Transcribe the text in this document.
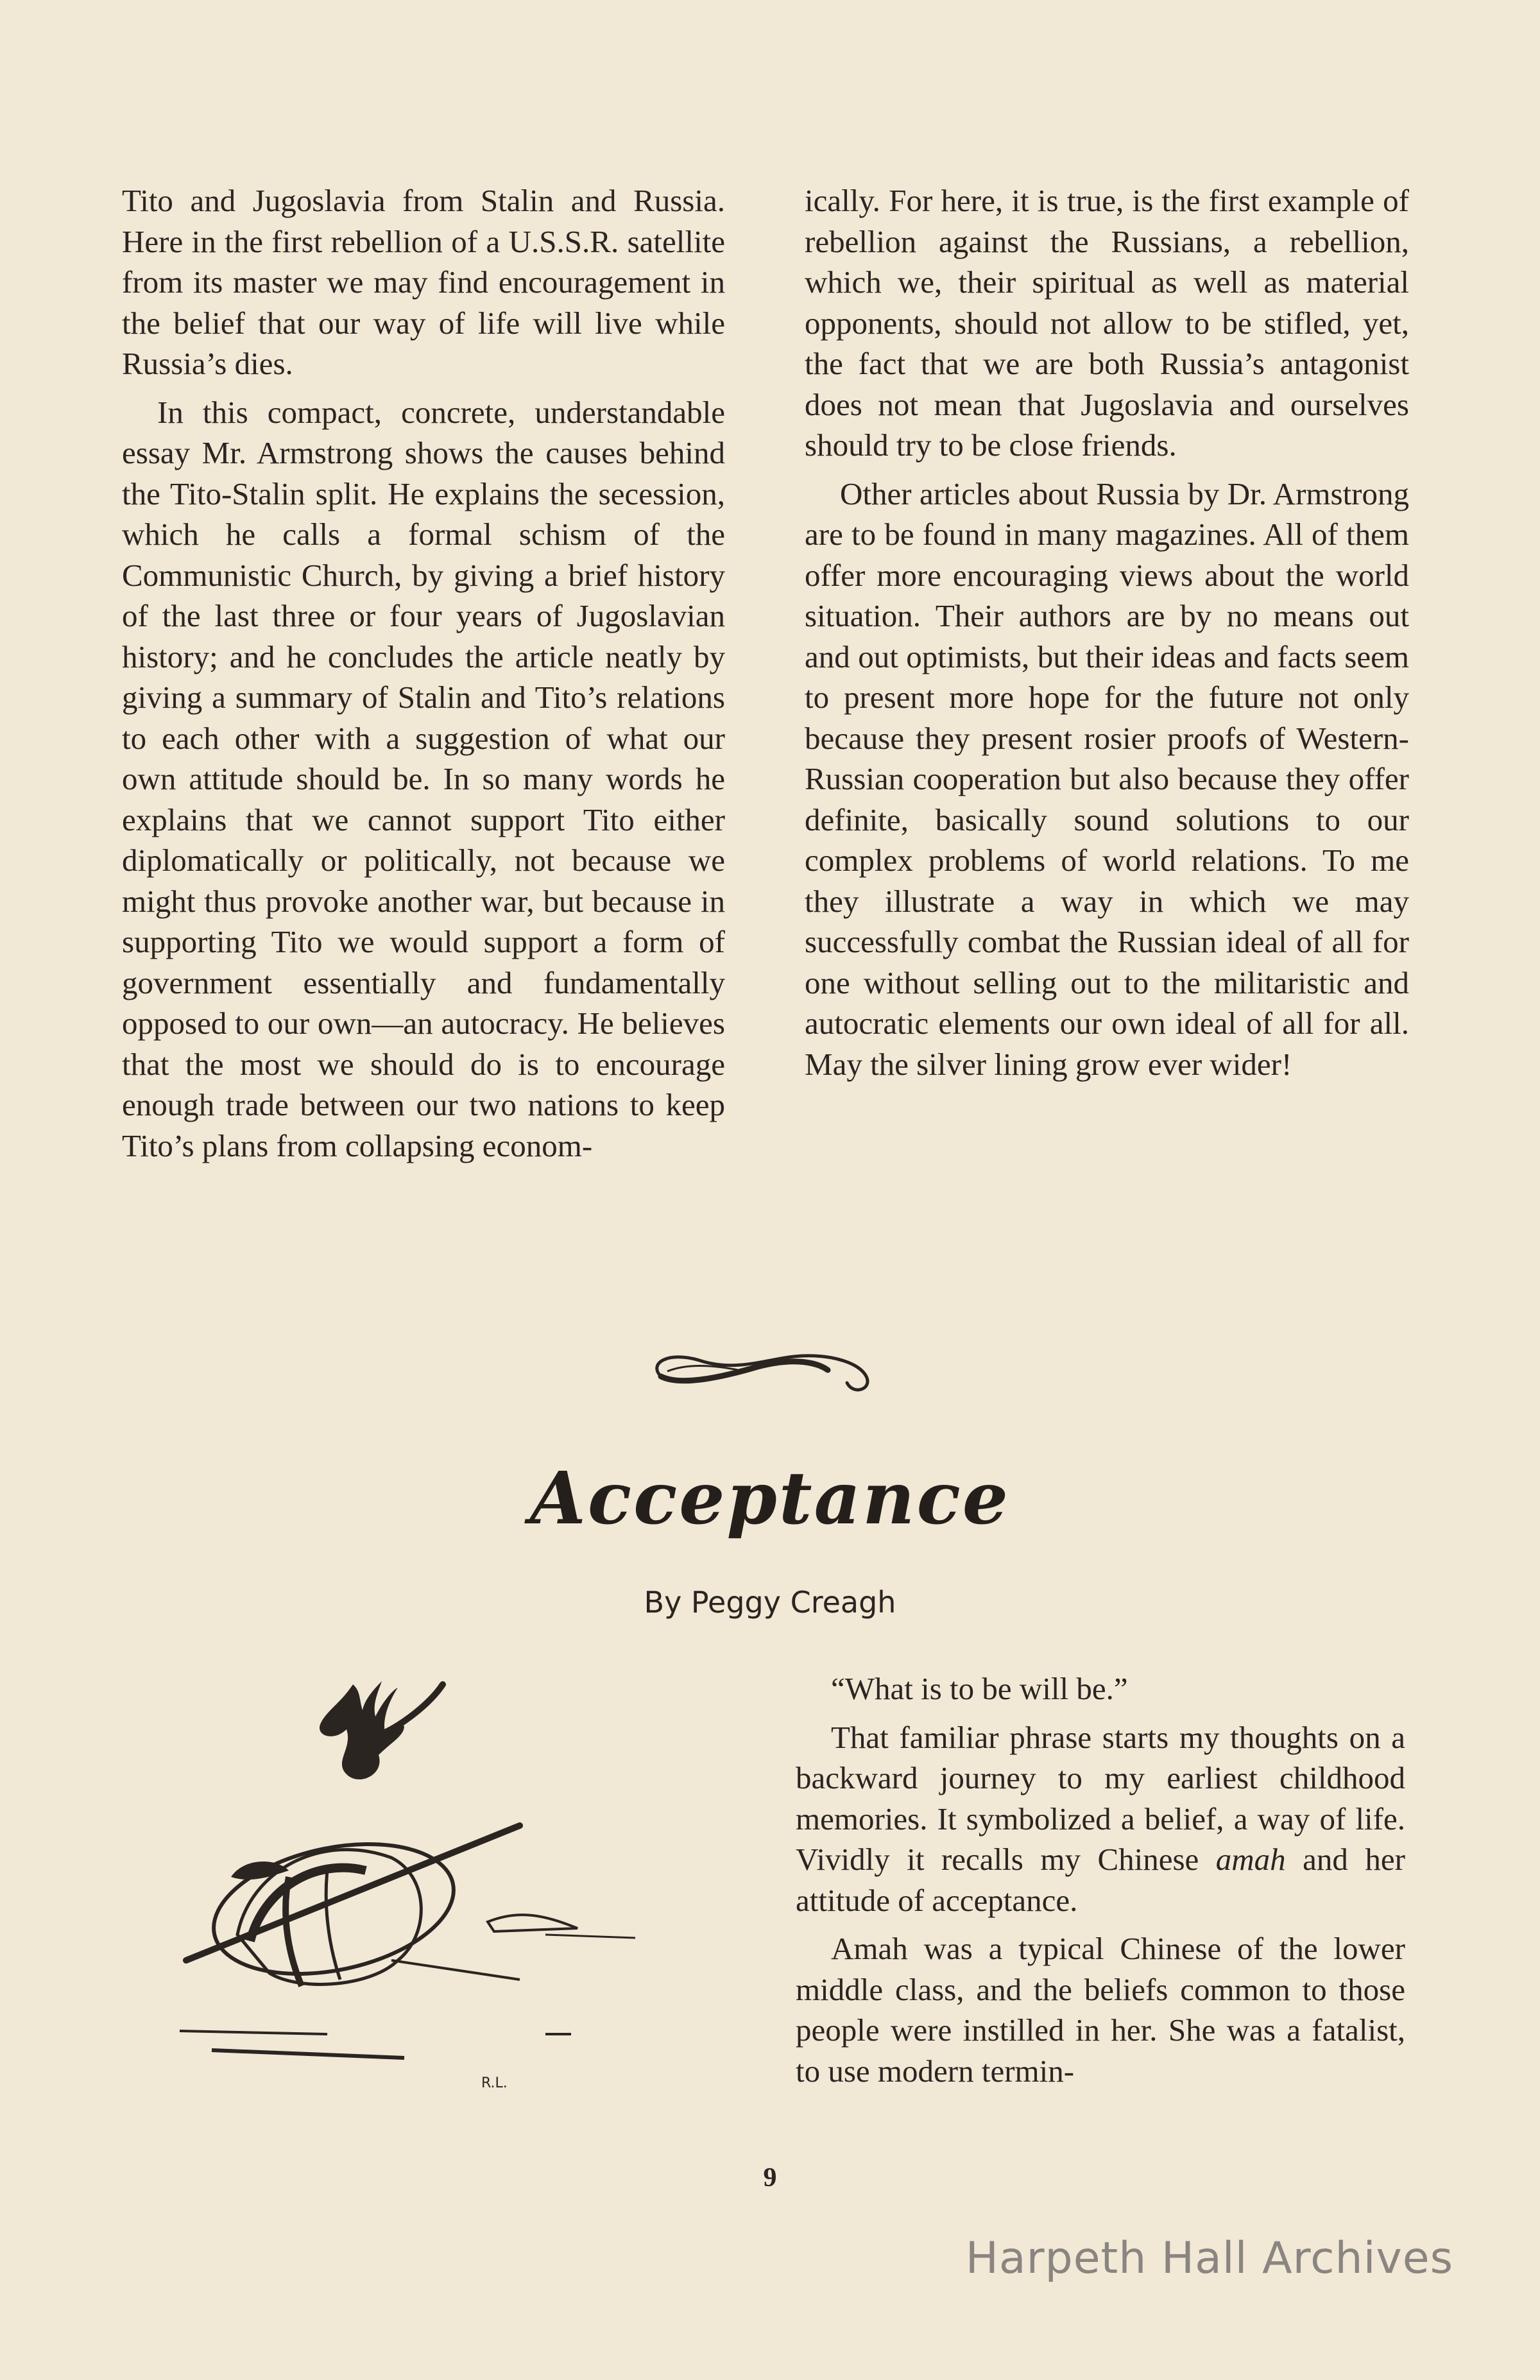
Tito and Jugoslavia from Stalin and Russia. Here in the first rebellion of a U.S.S.R. satellite from its master we may find encouragement in the belief that our way of life will live while Russia’s dies.

In this compact, concrete, understandable essay Mr. Armstrong shows the causes behind the Tito-Stalin split. He explains the secession, which he calls a formal schism of the Communistic Church, by giving a brief history of the last three or four years of Jugoslavian history; and he concludes the article neatly by giving a summary of Stalin and Tito’s relations to each other with a suggestion of what our own attitude should be. In so many words he explains that we cannot support Tito either diplomatically or politically, not because we might thus provoke another war, but because in supporting Tito we would support a form of government essentially and fundamentally opposed to our own—an autocracy. He believes that the most we should do is to encourage enough trade between our two nations to keep Tito’s plans from collapsing econom-

ically. For here, it is true, is the first example of rebellion against the Russians, a rebellion, which we, their spiritual as well as material opponents, should not allow to be stifled, yet, the fact that we are both Russia’s antagonist does not mean that Jugoslavia and ourselves should try to be close friends.

Other articles about Russia by Dr. Armstrong are to be found in many magazines. All of them offer more encouraging views about the world situation. Their authors are by no means out and out optimists, but their ideas and facts seem to present more hope for the future not only because they present rosier proofs of Western-Russian cooperation but also because they offer definite, basically sound solutions to our complex problems of world relations. To me they illustrate a way in which we may successfully combat the Russian ideal of all for one without selling out to the militaristic and autocratic elements our own ideal of all for all. May the silver lining grow ever wider!

Acceptance
By Peggy Creagh
R.L.

“What is to be will be.”

That familiar phrase starts my thoughts on a backward journey to my earliest childhood memories. It symbolized a belief, a way of life. Vividly it recalls my Chinese amah and her attitude of acceptance.

Amah was a typical Chinese of the lower middle class, and the beliefs common to those people were instilled in her. She was a fatalist, to use modern termin-

9
Harpeth Hall Archives
